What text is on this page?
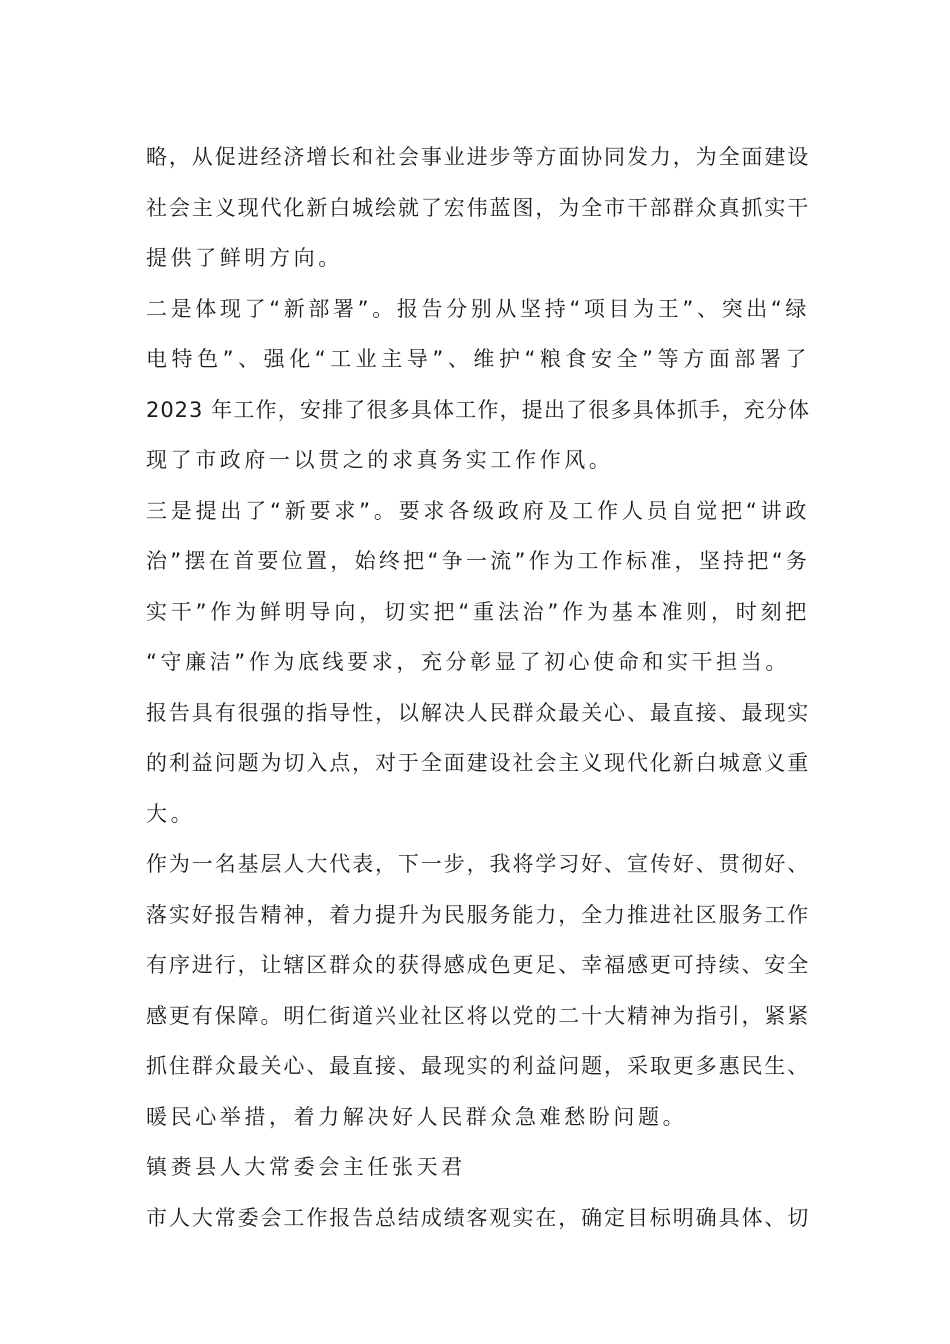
略，从促进经济增长和社会事业进步等方面协同发力，为全面建设
社会主义现代化新白城绘就了宏伟蓝图，为全市干部群众真抓实干
提供了鲜明方向。
二是体现了“新部署”。报告分别从坚持“项目为王”、突出“绿
电特色”、强化“工业主导”、维护“粮食安全”等方面部署了
2023 年工作，安排了很多具体工作，提出了很多具体抓手，充分体
现了市政府一以贯之的求真务实工作作风。
三是提出了“新要求”。要求各级政府及工作人员自觉把“讲政
治”摆在首要位置，始终把“争一流”作为工作标准，坚持把“务
实干”作为鲜明导向，切实把“重法治”作为基本准则，时刻把
“守廉洁”作为底线要求，充分彰显了初心使命和实干担当。
报告具有很强的指导性，以解决人民群众最关心、最直接、最现实
的利益问题为切入点，对于全面建设社会主义现代化新白城意义重
大。
作为一名基层人大代表，下一步，我将学习好、宣传好、贯彻好、
落实好报告精神，着力提升为民服务能力，全力推进社区服务工作
有序进行，让辖区群众的获得感成色更足、幸福感更可持续、安全
感更有保障。明仁街道兴业社区将以党的二十大精神为指引，紧紧
抓住群众最关心、最直接、最现实的利益问题，采取更多惠民生、
暖民心举措，着力解决好人民群众急难愁盼问题。
镇赉县人大常委会主任张天君
市人大常委会工作报告总结成绩客观实在，确定目标明确具体、切
